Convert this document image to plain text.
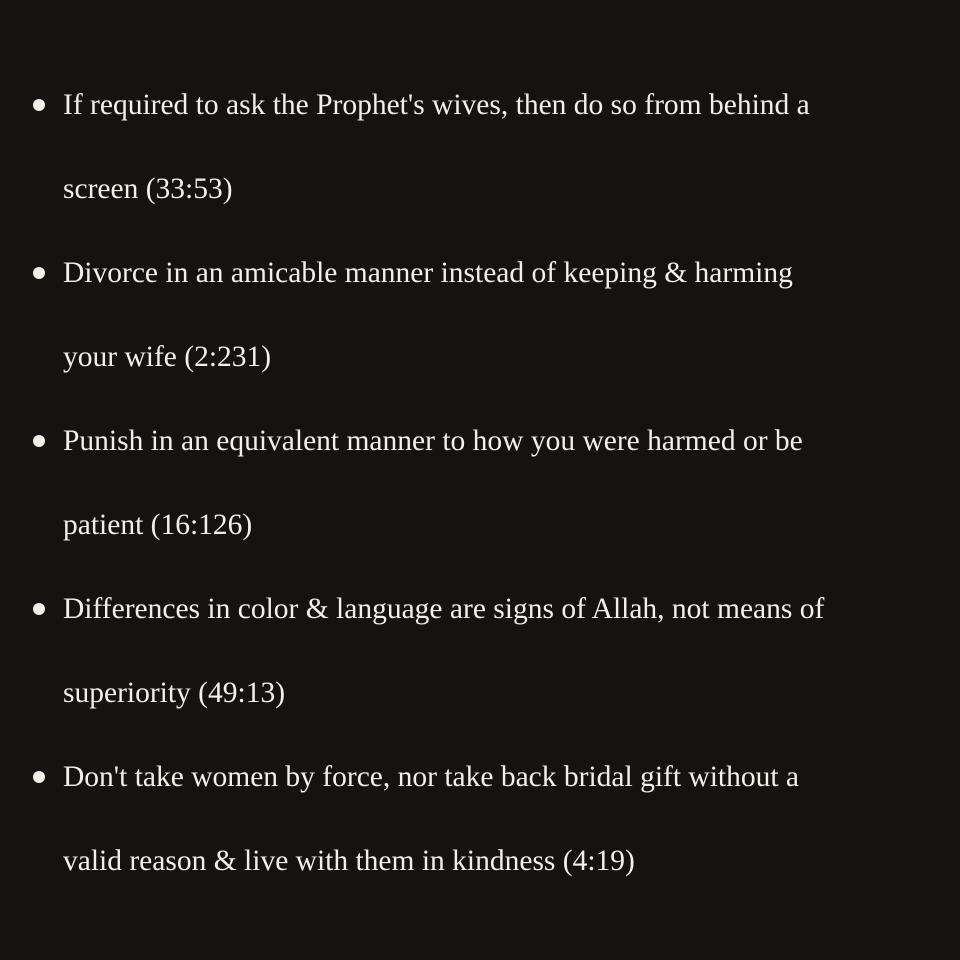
If required to ask the Prophet's wives, then do so from behind a
screen (33:53)
Divorce in an amicable manner instead of keeping & harming
your wife (2:231)
Punish in an equivalent manner to how you were harmed or be
patient (16:126)
Differences in color & language are signs of Allah, not means of
superiority (49:13)
Don't take women by force, nor take back bridal gift without a
valid reason & live with them in kindness (4:19)
